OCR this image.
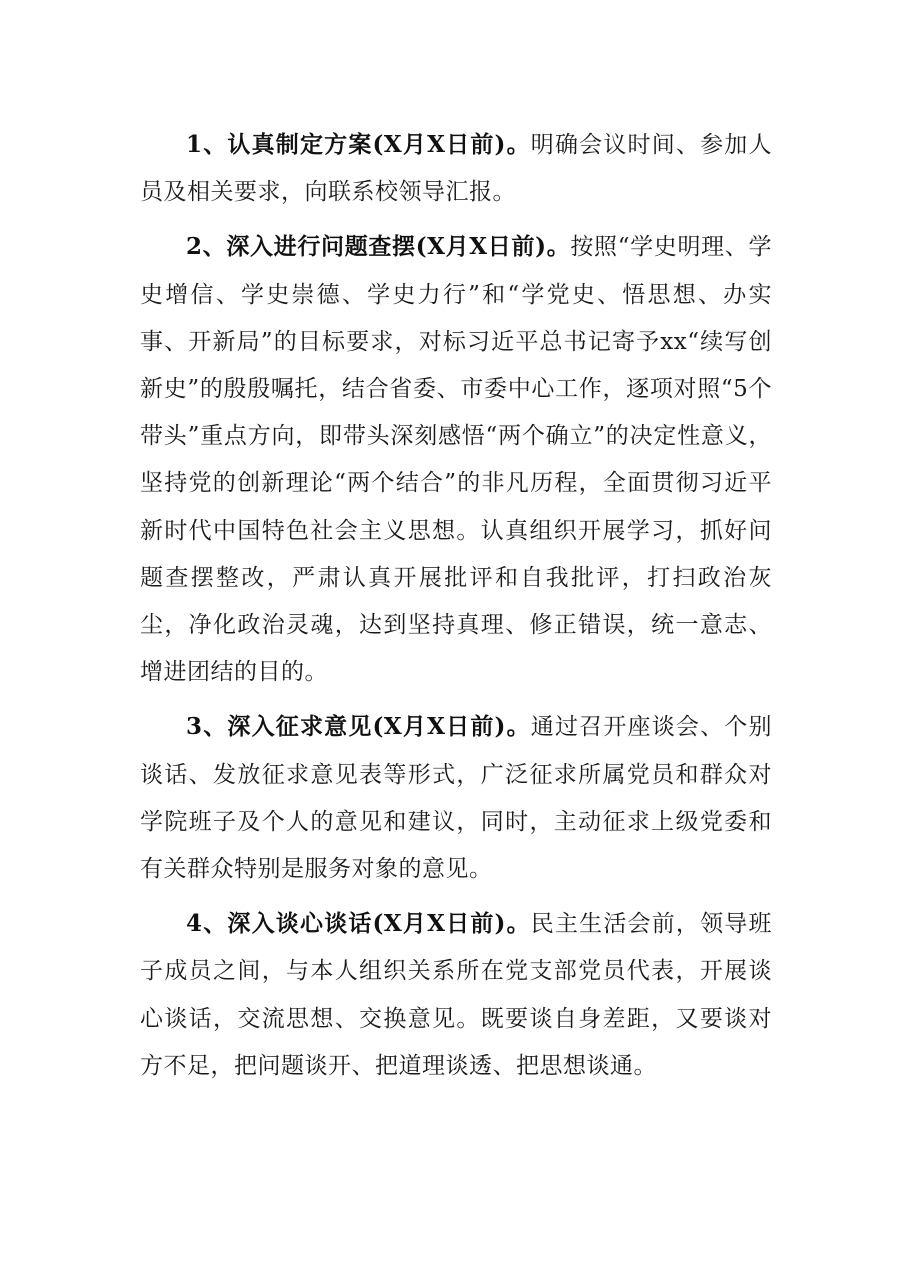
1、认真制定方案(X月X日前)。明确会议时间、参加人员及相关要求，向联系校领导汇报。

2、深入进行问题查摆(X月X日前)。按照“学史明理、学史增信、学史崇德、学史力行”和“学党史、悟思想、办实事、开新局”的目标要求，对标习近平总书记寄予xx“续写创新史”的殷殷嘱托，结合省委、市委中心工作，逐项对照“5个带头”重点方向，即带头深刻感悟“两个确立”的决定性意义，坚持党的创新理论“两个结合”的非凡历程，全面贯彻习近平新时代中国特色社会主义思想。认真组织开展学习，抓好问题查摆整改，严肃认真开展批评和自我批评，打扫政治灰尘，净化政治灵魂，达到坚持真理、修正错误，统一意志、增进团结的目的。

3、深入征求意见(X月X日前)。通过召开座谈会、个别谈话、发放征求意见表等形式，广泛征求所属党员和群众对学院班子及个人的意见和建议，同时，主动征求上级党委和有关群众特别是服务对象的意见。

4、深入谈心谈话(X月X日前)。民主生活会前，领导班子成员之间，与本人组织关系所在党支部党员代表，开展谈心谈话，交流思想、交换意见。既要谈自身差距，又要谈对方不足，把问题谈开、把道理谈透、把思想谈通。
